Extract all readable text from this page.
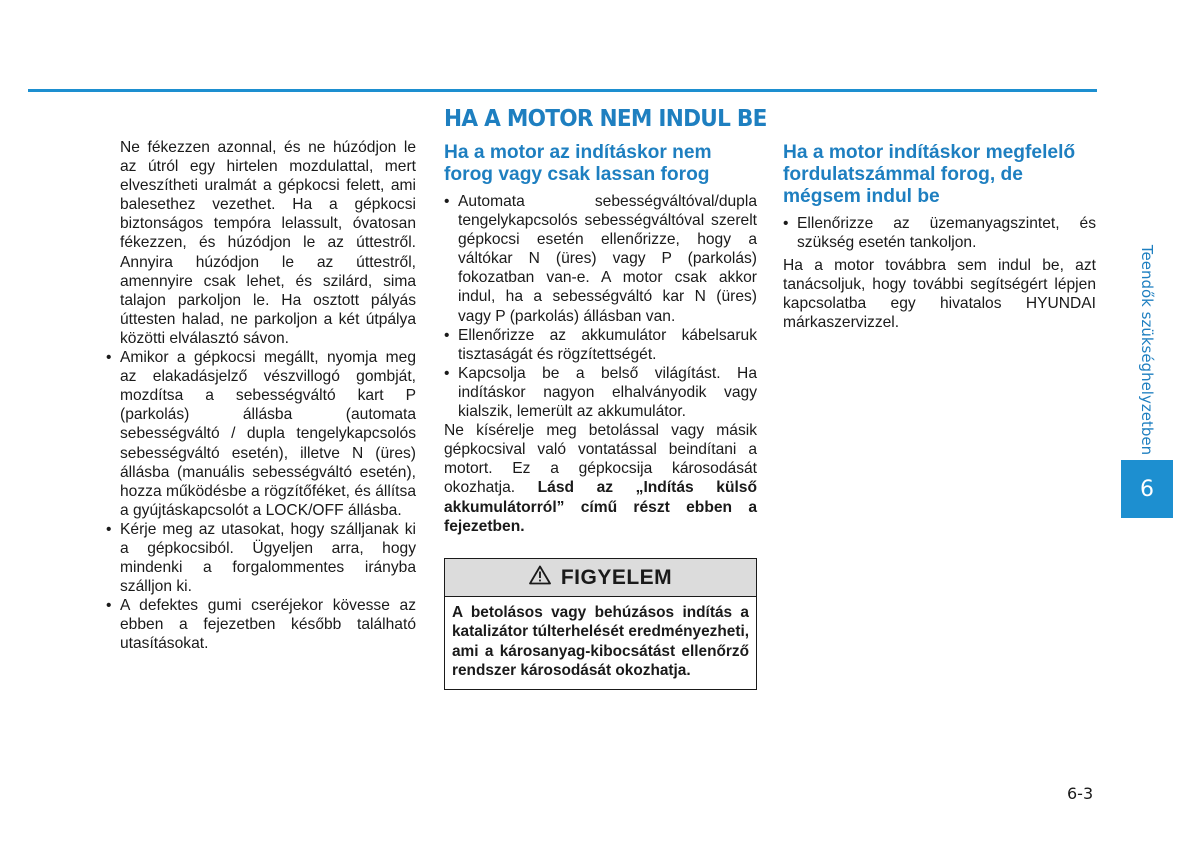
HA A MOTOR NEM INDUL BE

Ne fékezzen azonnal, és ne húzódjon le az útról egy hirtelen mozdulattal, mert elveszítheti uralmát a gépkocsi felett, ami balesethez vezethet. Ha a gépkocsi biztonságos tempóra lelassult, óvatosan fékezzen, és húzódjon le az úttestről. Annyira húzódjon le az úttestről, amennyire csak lehet, és szilárd, sima talajon parkoljon le. Ha osztott pályás úttesten halad, ne parkoljon a két útpálya közötti elválasztó sávon.

• Amikor a gépkocsi megállt, nyomja meg az elakadásjelző vészvillogó gombját, mozdítsa a sebességváltó kart P (parkolás) állásba (automata sebességváltó / dupla tengelykapcsolós sebességváltó esetén), illetve N (üres) állásba (manuális sebességváltó esetén), hozza működésbe a rögzítőféket, és állítsa a gyújtáskapcsolót a LOCK/OFF állásba.
• Kérje meg az utasokat, hogy szálljanak ki a gépkocsiból. Ügyeljen arra, hogy mindenki a forgalommentes irányba szálljon ki.
• A defektes gumi cseréjekor kövesse az ebben a fejezetben később található utasításokat.
Ha a motor az indításkor nem forog vagy csak lassan forog
• Automata sebességváltóval/dupla tengelykapcsolós sebességváltóval szerelt gépkocsi esetén ellenőrizze, hogy a váltókar N (üres) vagy P (parkolás) fokozatban van-e. A motor csak akkor indul, ha a sebességváltó kar N (üres) vagy P (parkolás) állásban van.
• Ellenőrizze az akkumulátor kábelsaruk tisztaságát és rögzítettségét.
• Kapcsolja be a belső világítást. Ha indításkor nagyon elhalványodik vagy kialszik, lemerült az akkumulátor.

Ne kísérelje meg betolással vagy másik gépkocsival való vontatással beindítani a motort. Ez a gépkocsija károsodását okozhatja. Lásd az „Indítás külső akkumulátorról” című részt ebben a fejezetben.

FIGYELEM
A betolásos vagy behúzásos indítás a katalizátor túlterhelését eredményezheti, ami a károsanyag-kibocsátást ellenőrző rendszer károsodását okozhatja.
Ha a motor indításkor megfelelő fordulatszámmal forog, de mégsem indul be
• Ellenőrizze az üzemanyagszintet, és szükség esetén tankoljon.

Ha a motor továbbra sem indul be, azt tanácsoljuk, hogy további segítségért lépjen kapcsolatba egy hivatalos HYUNDAI márkaszervizzel.	Teendők szükséghelyzetben
6
6-3
